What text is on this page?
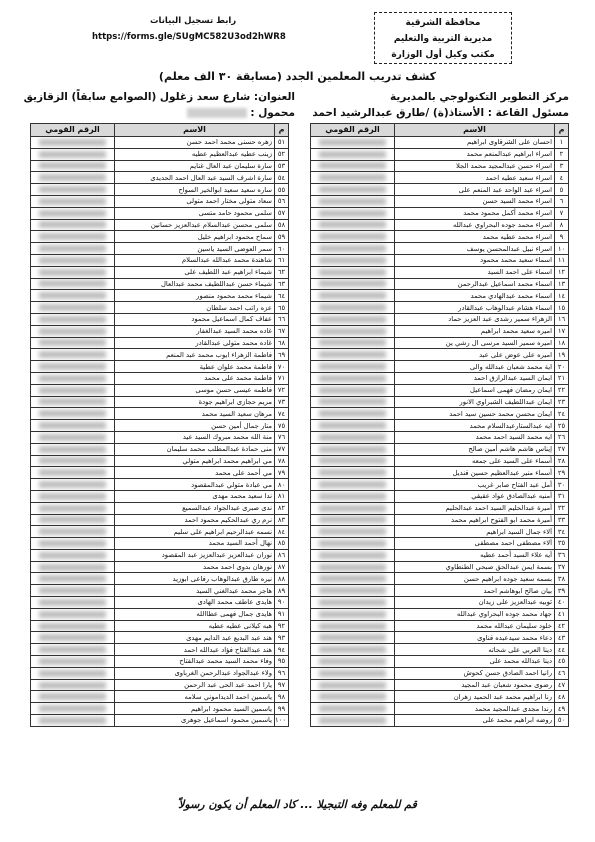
محافظة الشرقية
مديرية التربية والتعليم
مكتب وكيل أول الوزارة
رابط تسجيل البيانات
https://forms.gle/SUgMC582U3od2hWR8
كشف تدريب المعلمين الجدد (مسابقة ٣٠ الف معلم)
مركز التطوير التكنولوجي بالمديرية
العنوان: شارع سعد زغلول (الصوامع سابقاً) الزقازيق
مسئول القاعة : الأستاذ(ة) /طارق عبدالرشيد احمد
محمول :
م	الاسم	الرقم القومي
١	احسان على الشرقاوى ابراهيم	

٢	اسراء ابراهيم عبدالمنعم محمد	

٣	اسراء حسن عبدالمجيد محمد الجلا	

٤	اسراء سعيد عطيه احمد	

٥	اسراء عبد الواحد عبد المنعم على	

٦	اسراء محمد السيد حسن	

٧	اسراء محمد أكمل محمود محمد	

٨	اسراء محمد جوده البحراوي عبدالله	

٩	اسراء محمد عطيه محمد	

١٠	اسراء نبيل عبدالمحسن يوسف	

١١	اسماء سعيد محمد محمود	

١٢	اسماء على احمد السيد	

١٣	اسماء محمد اسماعيل عبدالرحمن	

١٤	اسماء محمد عبدالهادي محمد	

١٥	اسماء هشام عبدالوهاب عبدالقادر	

١٦	الزهراء سمير رشدى عبد العزيز حماد	

١٧	اميره سعيد محمد ابراهيم	

١٨	اميره سمير السيد مرسى ال رشي ين	

١٩	اميره على عوض على عبد	

٢٠	اية محمد شعبان عبدالله والى	

٢١	ايمان السيد عبدالرازق احمد	

٢٢	ايمان رمضان فهمى اسماعيل	

٢٣	ايمان عبداللطيف الشبراوي الانور	

٢٤	ايمان محسن محمد حسين سيد احمد	

٢٥	ايه عبدالستارعبدالسلام محمد	

٢٦	ايه محمد السيد احمد محمد	

٢٧	إيناس هاشم هاشم أمين صالح	

٢٨	أسماء على السيد على جمعه	

٢٩	أسماء منير عبدالعظيم حسين قنديل	

٣٠	أمل عبد الفتاح صابر غريب	

٣١	أمنيه عبدالصادق عواد عقيقي	

٣٢	أميرة عبدالحليم السيد احمد عبدالحليم	

٣٣	أميرة محمد ابو الفتوح ابراهيم محمد	

٣٤	آلاء جمال السيد ابراهيم	

٣٥	آلاء مصطفى احمد مصطفى	

٣٦	آيه علاء السيد أحمد عطيه	

٣٧	بسمة ايمن عبدالحق صبحي الطنطاوي	

٣٨	بسمه سعيد جوده ابراهيم حسن	

٣٩	بيان صالح ابوهاشم احمد	

٤٠	ثوبيه عبدالعزيز على زيدان	

٤١	جهاد محمد جوده البحراوي عبدالله	

٤٢	خلود سليمان عبدالله محمد	

٤٣	دعاء محمد سيدعبده قناوى	

٤٤	دينا العربي على شحاته	

٤٥	دينا عبدالله محمد على	

٤٦	رانيا احمد الصادق حسن كحوش	

٤٧	رضوى محمود شعبان عبد المجيد	

٤٨	رنا ابراهيم محمد عبد الحميد زهران	

٤٩	رندا مجدى عبدالمجيد محمد	

٥٠	روضه ابراهيم محمد على	
م	الاسم	الرقم القومي
٥١	زهره حسنى محمد احمد حسن	

٥٢	زينب عطيه عبدالعظيم عطيه	

٥٣	سارة سليمان عبد العال غنايم	

٥٤	سارة اشرف السيد عبد العال احمد الحديدى	

٥٥	ساره سعيد سعيد ابوالخير السواح	

٥٦	سعاد متولى مختار احمد متولى	

٥٧	سلمى محمود حامد متسى	

٥٨	سلمى محسن عبدالسلام عبدالعزيز حسانين	

٥٩	سماح محمود ابراهيم خليل	

٦٠	سمر العوضى السيد ياسين	

٦١	شاهندة محمد عبدالله عبدالسلام	

٦٢	شيماء ابراهيم عبد اللطيف على	

٦٣	شيماء حسن عبداللطيف محمد عبدالعال	

٦٤	شيماء محمد محمود منصور	

٦٥	عزه راتب احمد سلطان	

٦٦	عفاف كمال اسماعيل محمود	

٦٧	غاده محمد السيد عبدالغفار	

٦٨	غاده محمد متولى عبدالقادر	

٦٩	فاطمة الزهراء ايوب محمد عبد المنعم	

٧٠	فاطمة محمد علوان عطية	

٧١	فاطمة محمد على محمد	

٧٢	فاطمه عيسى حسن موسى	

٧٣	مريم حجازى ابراهيم جودة	

٧٤	مرهان سعيد السيد محمد	

٧٥	منار جمال أمين حسن	

٧٦	منة الله محمد مبروك السيد عيد	

٧٧	منى حمادة عبدالمطلب محمد سليمان	

٧٨	مي ابراهيم محمد ابراهيم متولي	

٧٩	مي أحمد على محمد	

٨٠	مي عبادة متولي عبدالمقصود	

٨١	ندا سعيد محمد مهدى	

٨٢	ندى صبرى عبدالجواد عبدالسميع	

٨٣	نرم ري عبدالحكيم محمود احمد	

٨٤	نسمه عبدالرحيم ابراهيم على سليم	

٨٥	نهال أحمد السيد محمد	

٨٦	نوران عبدالعزيز عبدالعزيز عبد المقصود	

٨٧	نورهان بدوى احمد محمد	

٨٨	نيره طارق عبدالوهاب رفاعى ابوزيد	

٨٩	هاجر محمد عبدالغني السيد	

٩٠	هايدى عاطف محمد الهادى	

٩١	هايدى جمال فهمى عطاالله	

٩٢	هبه كيلانى عطيه عطيه	

٩٣	هند عبد البديع عبد الدايم مهدى	

٩٤	هند عبدالفتاح فؤاد عبدالله احمد	

٩٥	وفاء محمد السيد محمد عبدالفتاح	

٩٦	ولاء عبدالجواد عبدالرحمن الغرباوى	

٩٧	يارا احمد عبد الحى عبد الرحمن	

٩٨	ياسمين احمد الديداموني سلامه	

٩٩	ياسمين السيد محمود ابراهيم	

١٠٠	ياسمين محمود اسماعيل جوهرى	
قم للمعلم وفه التبجيلا ... كاد المعلم أن يكون رسولاً
